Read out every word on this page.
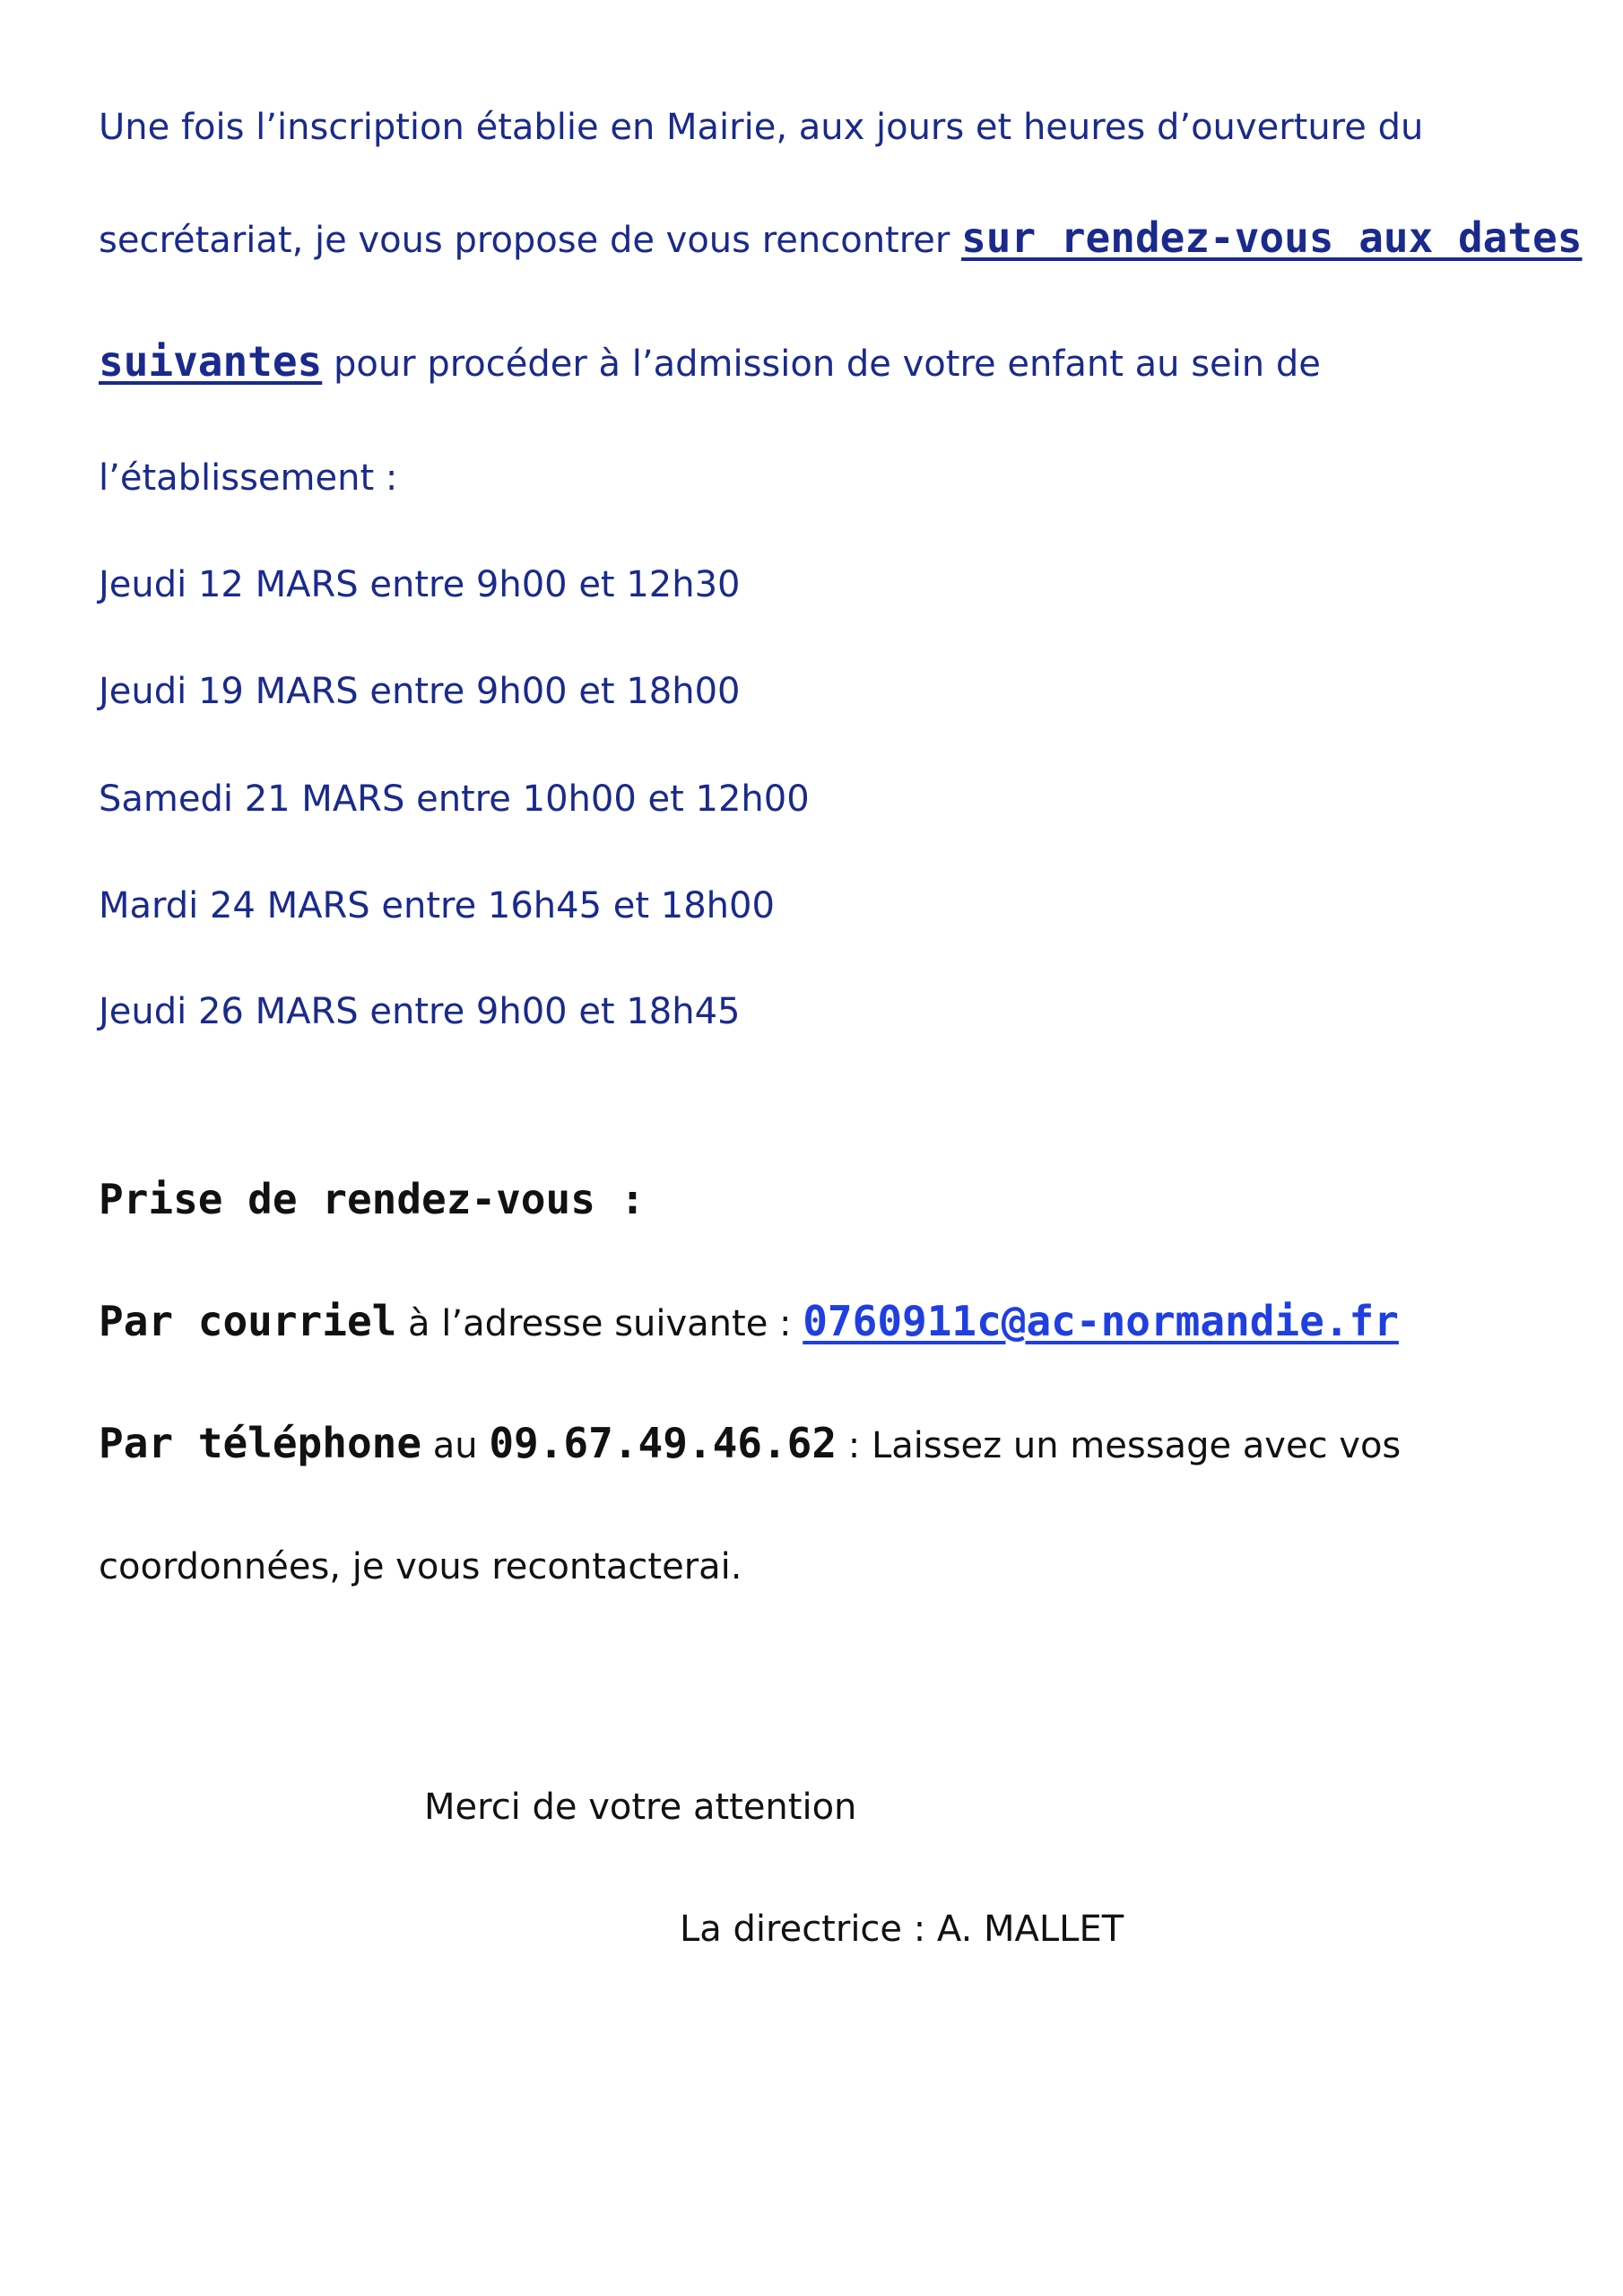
Une fois l’inscription établie en Mairie, aux jours et heures d’ouverture du
secrétariat, je vous propose de vous rencontrer sur rendez-vous aux dates
suivantes pour procéder à l’admission de votre enfant au sein de
l’établissement :
Jeudi 12 MARS entre 9h00 et 12h30
Jeudi 19 MARS entre 9h00 et 18h00
Samedi 21 MARS entre 10h00 et 12h00
Mardi 24 MARS entre 16h45 et 18h00
Jeudi 26 MARS entre 9h00 et 18h45
Prise de rendez-vous :
Par courriel à l’adresse suivante : 0760911c@ac-normandie.fr
Par téléphone au 09.67.49.46.62 : Laissez un message avec vos
coordonnées, je vous recontacterai.
Merci de votre attention
La directrice : A. MALLET
